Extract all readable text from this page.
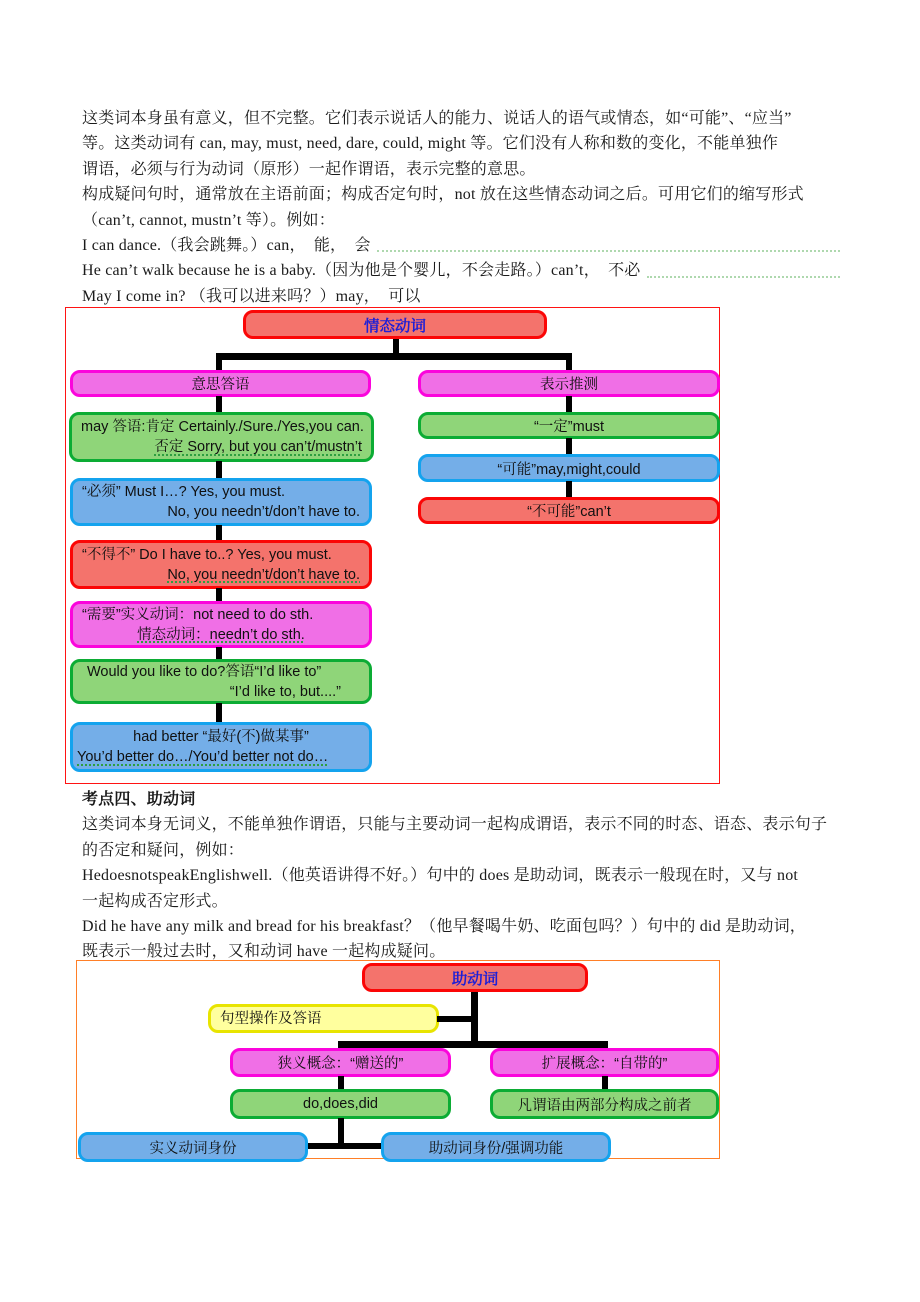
这类词本身虽有意义，但不完整。它们表示说话人的能力、说话人的语气或情态，如“可能”、“应当”
等。这类动词有 can, may, must, need, dare, could, might 等。它们没有人称和数的变化，不能单独作
谓语，必须与行为动词（原形）一起作谓语，表示完整的意思。
构成疑问句时，通常放在主语前面；构成否定句时，not 放在这些情态动词之后。可用它们的缩写形式
（can’t, cannot, mustn’t 等）。例如：
I can dance.（我会跳舞。）can，　能，　会
He can’t walk because he is a baby.（因为他是个婴儿，不会走路。）can’t，　不必
May I come in? （我可以进来吗？）may，　可以
情态动词
意思答语	表示推测
may 答语:肯定 Certainly./Sure./Yes,you can.
否定 Sorry, but you can’t/mustn’t
“必须” Must I…? Yes, you must.
No, you needn’t/don’t have to.
“不得不” Do I have to..? Yes, you must.
No, you needn’t/don’t have to.
“需要”实义动词：not need to do sth.
情态动词：needn’t do sth.
Would you like to do?答语“I’d like to”
“I’d like to, but....”
had better “最好(不)做某事”
You’d better do…/You’d better not do…
“一定”must
“可能”may,might,could
“不可能”can’t
考点四、助动词
这类词本身无词义，不能单独作谓语，只能与主要动词一起构成谓语，表示不同的时态、语态、表示句子
的否定和疑问，例如：
HedoesnotspeakEnglishwell.（他英语讲得不好。）句中的 does 是助动词，既表示一般现在时，又与 not
一起构成否定形式。
Did he have any milk and bread for his breakfast？（他早餐喝牛奶、吃面包吗？）句中的 did 是助动词，
既表示一般过去时，又和动词 have 一起构成疑问。
助动词
句型操作及答语
狭义概念：“赠送的”	扩展概念：“自带的”
do,does,did	凡谓语由两部分构成之前者
实义动词身份	助动词身份/强调功能
